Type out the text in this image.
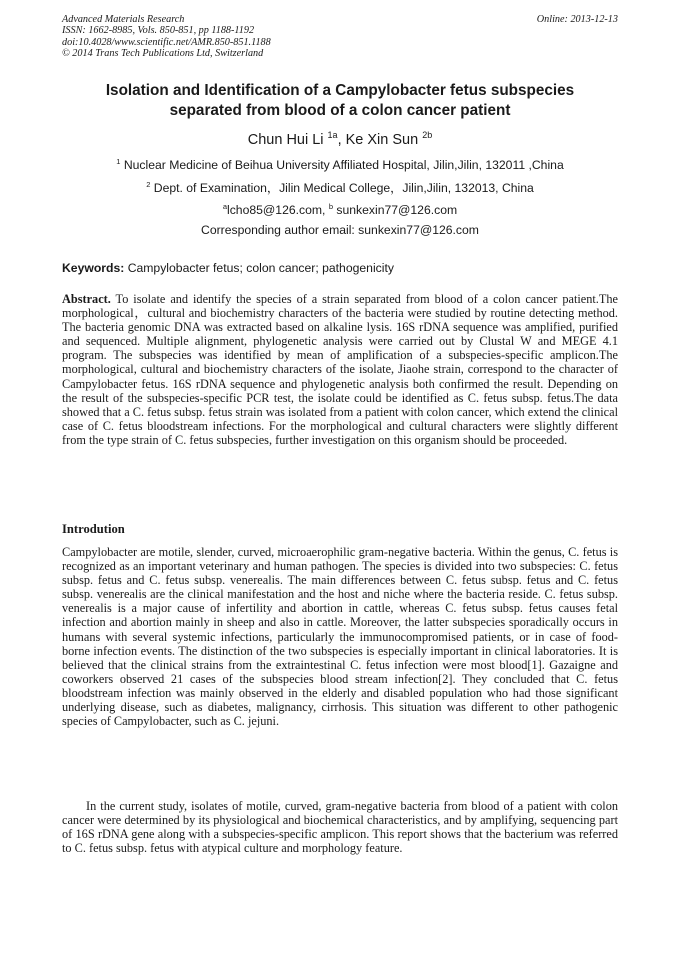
Advanced Materials Research
ISSN: 1662-8985, Vols. 850-851, pp 1188-1192
doi:10.4028/www.scientific.net/AMR.850-851.1188
© 2014 Trans Tech Publications Ltd, Switzerland
Online: 2013-12-13
Isolation and Identification of a Campylobacter fetus subspecies
separated from blood of a colon cancer patient
Chun Hui Li $^{1a}$, Ke Xin Sun $^{2b}$
$^1$ Nuclear Medicine of Beihua University Affiliated Hospital, Jilin,Jilin, 132011 ,China
$^2$ Dept. of Examination，Jilin Medical College，Jilin,Jilin, 132013, China
$^a$lcho85@126.com, $^b$ sunkexin77@126.com
Corresponding author email: sunkexin77@126.com
Keywords: Campylobacter fetus; colon cancer; pathogenicity
Abstract. To isolate and identify the species of a strain separated from blood of a colon cancer patient.The morphological，cultural and biochemistry characters of the bacteria were studied by routine detecting method. The bacteria genomic DNA was extracted based on alkaline lysis. 16S rDNA sequence was amplified, purified and sequenced. Multiple alignment, phylogenetic analysis were carried out by Clustal W and MEGE 4.1 program. The subspecies was identified by mean of amplification of a subspecies-specific amplicon.The morphological, cultural and biochemistry characters of the isolate, Jiaohe strain, correspond to the character of Campylobacter fetus. 16S rDNA sequence and phylogenetic analysis both confirmed the result. Depending on the result of the subspecies-specific PCR test, the isolate could be identified as C. fetus subsp. fetus.The data showed that a C. fetus subsp. fetus strain was isolated from a patient with colon cancer, which extend the clinical case of C. fetus bloodstream infections. For the morphological and cultural characters were slightly different from the type strain of C. fetus subspecies, further investigation on this organism should be proceeded.
Introdution
Campylobacter are motile, slender, curved, microaerophilic gram-negative bacteria. Within the genus, C. fetus is recognized as an important veterinary and human pathogen. The species is divided into two subspecies: C. fetus subsp. fetus and C. fetus subsp. venerealis. The main differences between C. fetus subsp. fetus and C. fetus subsp. venerealis are the clinical manifestation and the host and niche where the bacteria reside. C. fetus subsp. venerealis is a major cause of infertility and abortion in cattle, whereas C. fetus subsp. fetus causes fetal infection and abortion mainly in sheep and also in cattle. Moreover, the latter subspecies sporadically occurs in humans with several systemic infections, particularly the immunocompromised patients, or in case of food-borne infection events. The distinction of the two subspecies is especially important in clinical laboratories. It is believed that the clinical strains from the extraintestinal C. fetus infection were most blood[1]. Gazaigne and coworkers observed 21 cases of the subspecies blood stream infection[2]. They concluded that C. fetus bloodstream infection was mainly observed in the elderly and disabled population who had those significant underlying disease, such as diabetes, malignancy, cirrhosis. This situation was different to other pathogenic species of Campylobacter, such as C. jejuni.
In the current study, isolates of motile, curved, gram-negative bacteria from blood of a patient with colon cancer were determined by its physiological and biochemical characteristics, and by amplifying, sequencing part of 16S rDNA gene along with a subspecies-specific amplicon. This report shows that the bacterium was referred to C. fetus subsp. fetus with atypical culture and morphology feature.
